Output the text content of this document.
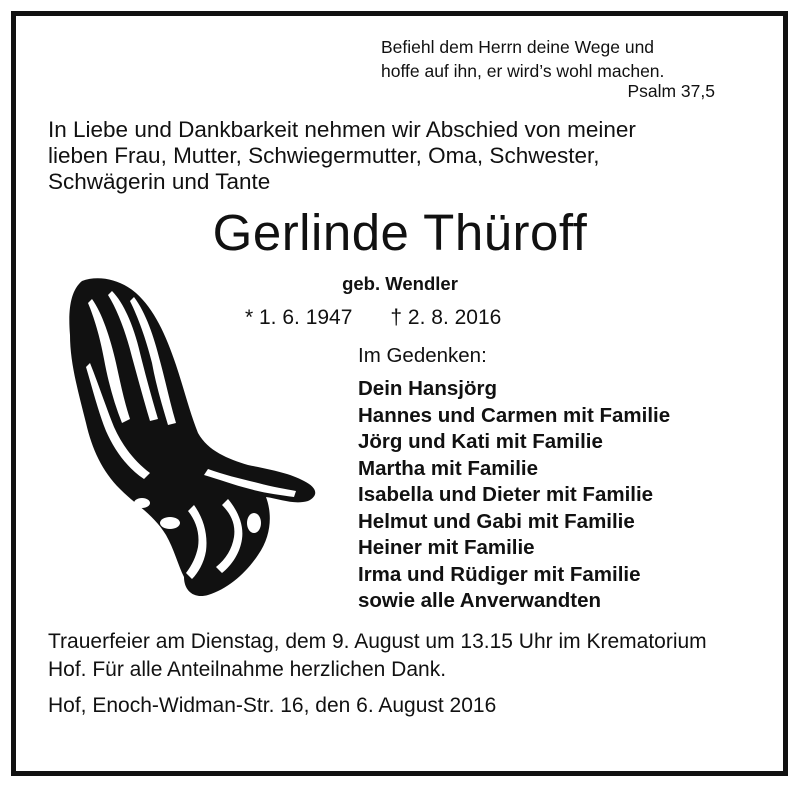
Befiehl dem Herrn deine Wege und
hoffe auf ihn, er wird’s wohl machen.
Psalm 37,5
In Liebe und Dankbarkeit nehmen wir Abschied von meiner lieben Frau, Mutter, Schwiegermutter, Oma, Schwester, Schwägerin und Tante
Gerlinde Thüroff
geb. Wendler
* 1. 6. 1947 † 2. 8. 2016
Im Gedenken:
Dein Hansjörg
Hannes und Carmen mit Familie
Jörg und Kati mit Familie
Martha mit Familie
Isabella und Dieter mit Familie
Helmut und Gabi mit Familie
Heiner mit Familie
Irma und Rüdiger mit Familie
sowie alle Anverwandten
Trauerfeier am Dienstag, dem 9. August um 13.15 Uhr im Krematorium Hof. Für alle Anteilnahme herzlichen Dank.
Hof, Enoch-Widman-Str. 16, den 6. August 2016
